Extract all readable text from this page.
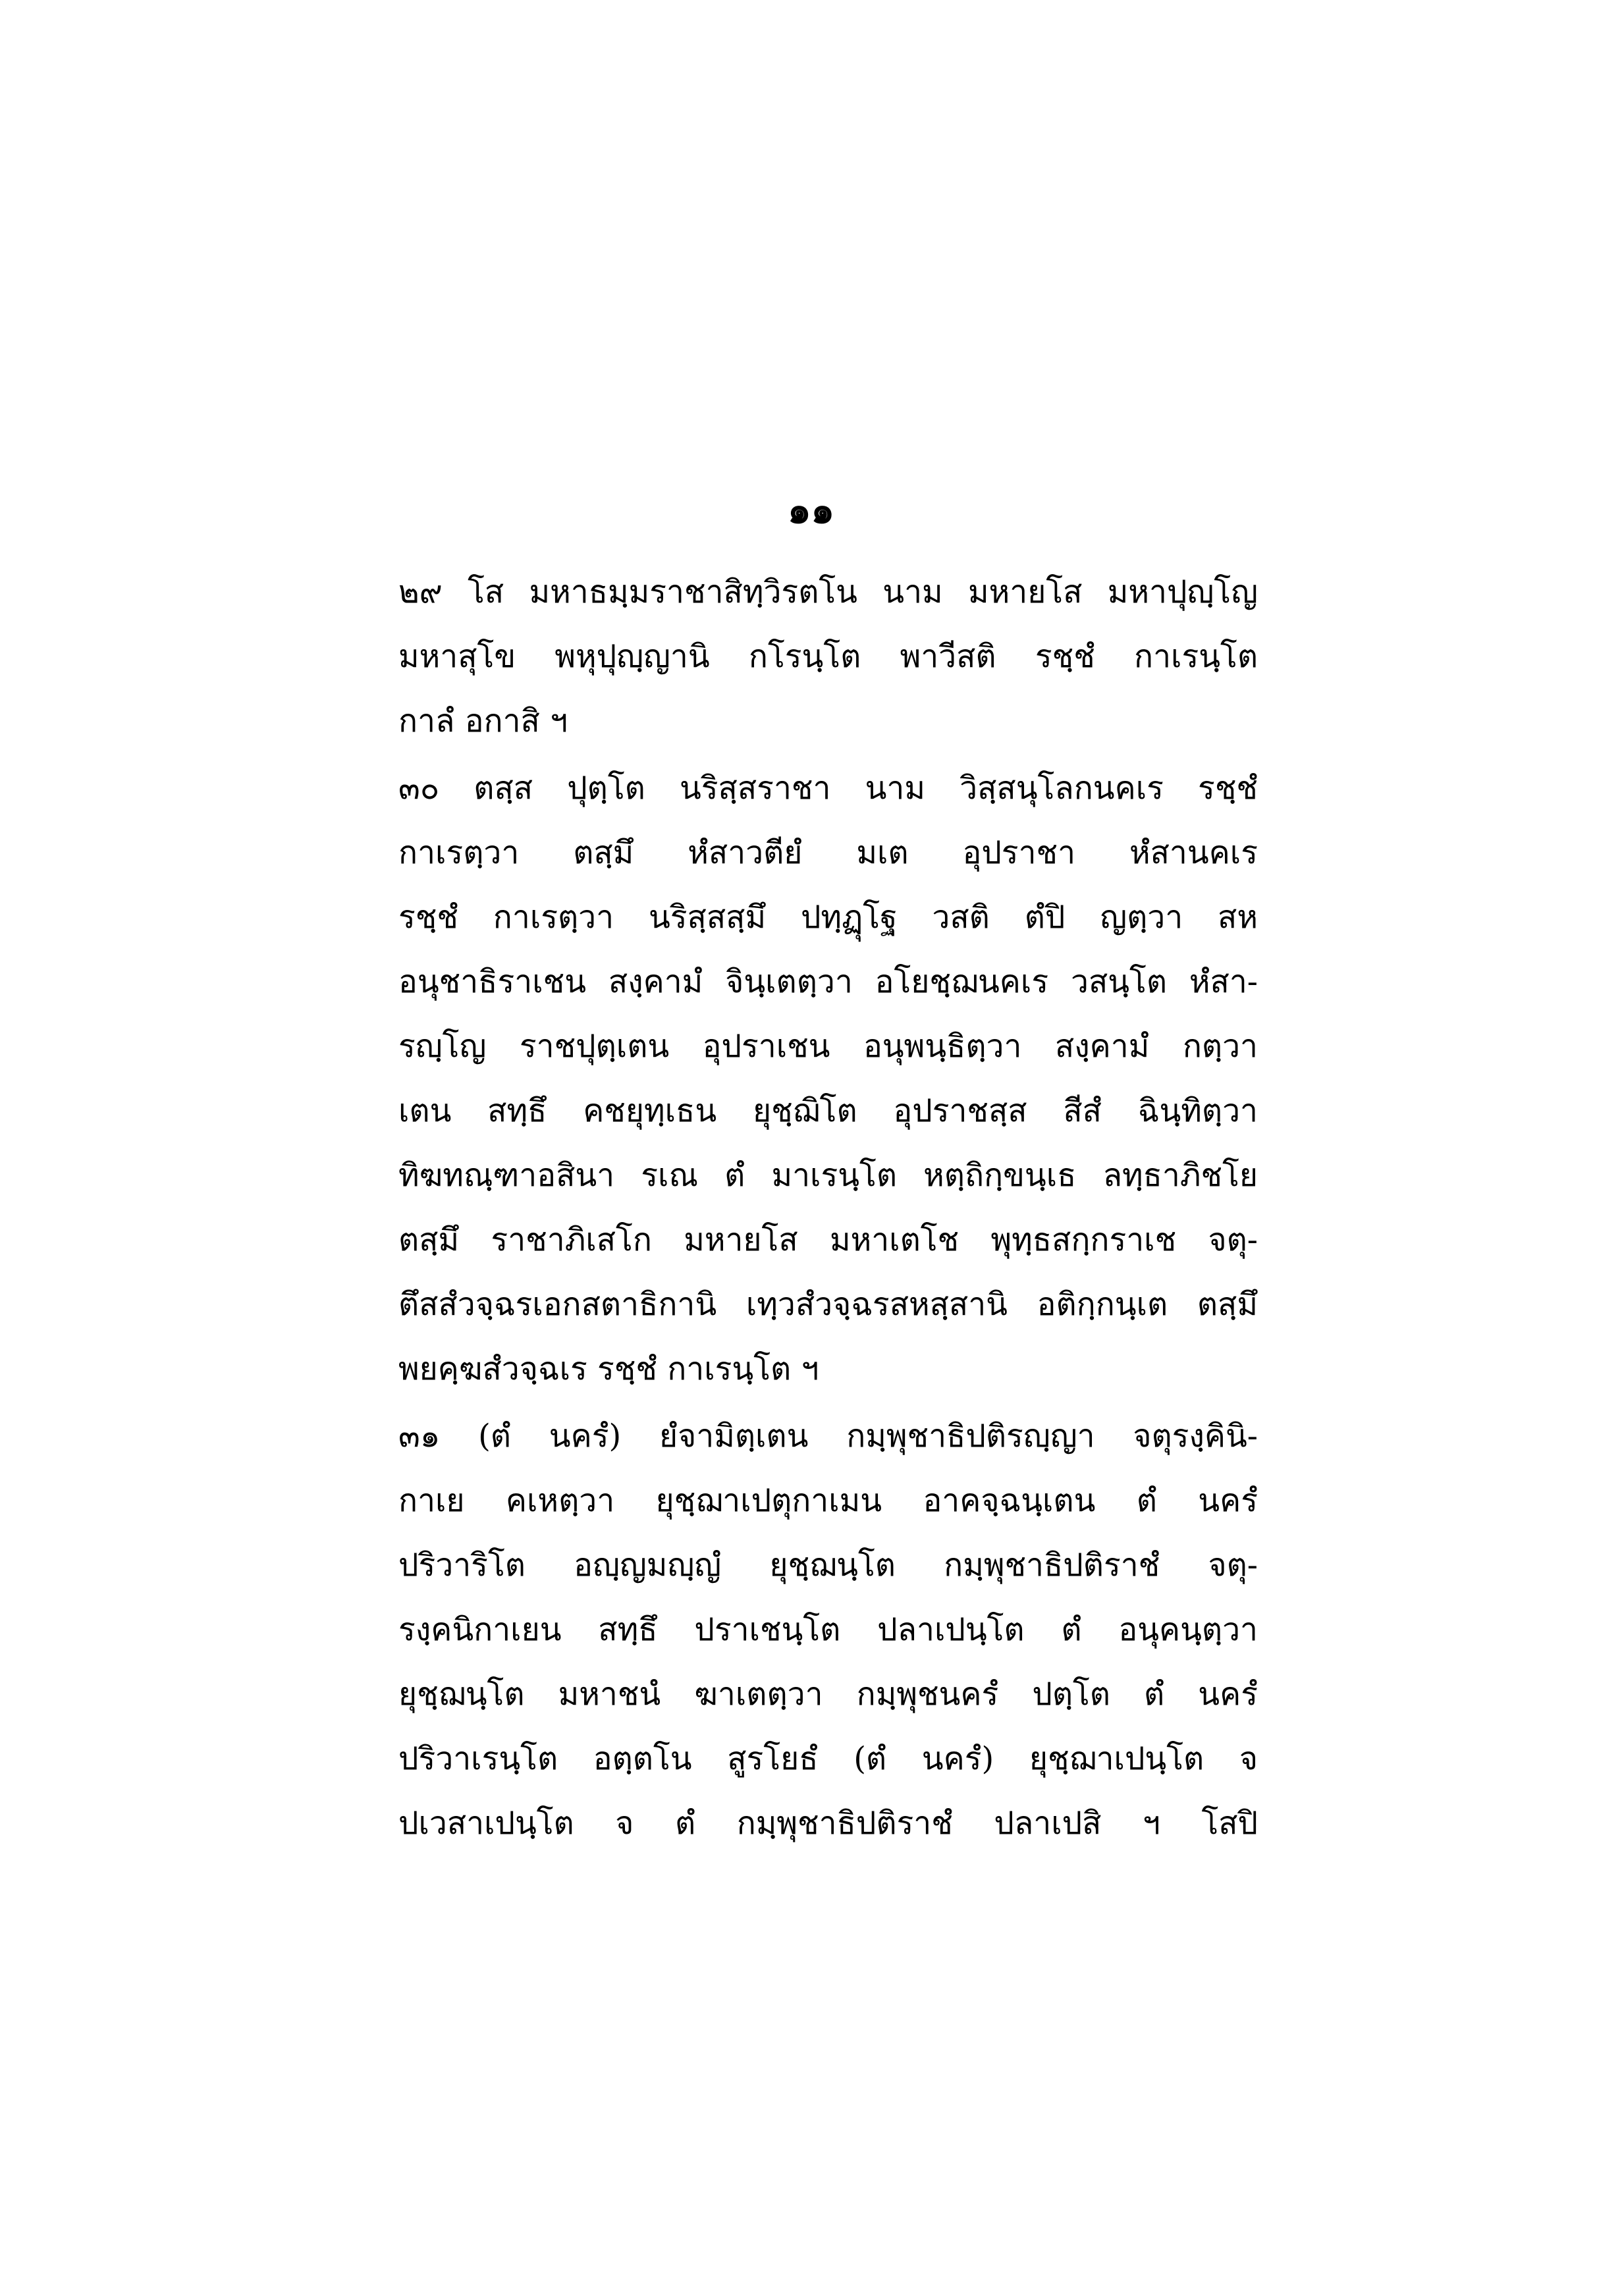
๑๑
๒๙ โส มหาธมฺมราชาสิทฺวิรตโน นาม มหายโส มหาปุญฺโญ
มหาสุโข พหุปุญฺญานิ กโรนฺโต พาวีสติ รชฺชํ กาเรนฺโต
กาลํ อกาสิ ฯ
๓๐ ตสฺส ปุตฺโต นริสฺสราชา นาม วิสฺสนุโลกนคเร รชฺชํ
กาเรตฺวา ตสฺมึ หํสาวตียํ มเต อุปราชา หํสานคเร
รชฺชํ กาเรตฺวา นริสฺสสฺมึ ปทฺฏุโฐ วสติ ตํปิ ญตฺวา สห
อนุชาธิราเชน สงฺคามํ จินฺเตตฺวา อโยชฺฌนคเร วสนฺโต หํสา-
รญฺโญ ราชปุตฺเตน อุปราเชน อนุพนฺธิตฺวา สงฺคามํ กตฺวา
เตน สทฺธึ คชยุทฺเธน ยุชฺฌิโต อุปราชสฺส สีสํ ฉินฺทิตฺวา
ทิฆทณฺฑาอสินา รเณ ตํ มาเรนฺโต หตฺถิกฺขนฺเธ ลทฺธาภิชโย
ตสฺมึ ราชาภิเสโก มหายโส มหาเตโช พุทฺธสกฺกราเช จตุ-
ตึสสํวจฺฉรเอกสตาธิกานิ เทฺวสํวจฺฉรสหสฺสานิ อติกฺกนฺเต ตสฺมึ
พยคฺฆสํวจฺฉเร รชฺชํ กาเรนฺโต ฯ
๓๑ (ตํ นครํ) ยํจามิตฺเตน กมฺพุชาธิปติรญฺญา จตุรงฺคินิ-
กาเย คเหตฺวา ยุชฺฌาเปตุกาเมน อาคจฺฉนฺเตน ตํ นครํ
ปริวาริโต อญฺญมญฺญํ ยุชฺฌนฺโต กมฺพุชาธิปติราชํ จตุ-
รงฺคนิกาเยน สทฺธึ ปราเชนฺโต ปลาเปนฺโต ตํ อนุคนฺตฺวา
ยุชฺฌนฺโต มหาชนํ ฆาเตตฺวา กมฺพุชนครํ ปตฺโต ตํ นครํ
ปริวาเรนฺโต อตฺตโน สูรโยธํ (ตํ นครํ) ยุชฺฌาเปนฺโต จ
ปเวสาเปนฺโต จ ตํ กมฺพุชาธิปติราชํ ปลาเปสิ ฯ โสปิ
